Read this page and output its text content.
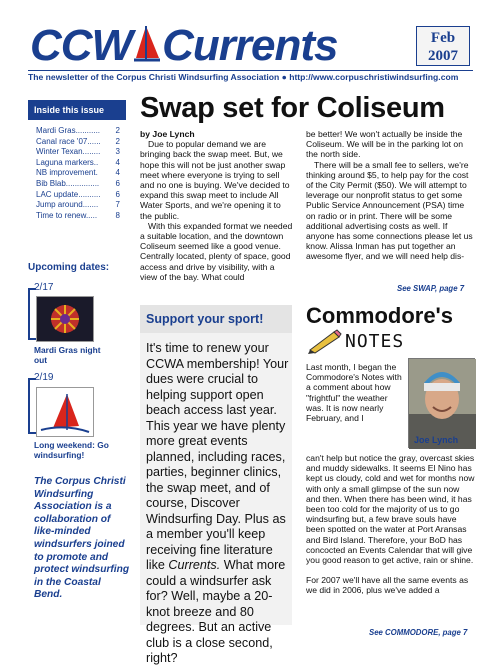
CCW Currents	Feb
2007
The newsletter of the Corpus Christi Windsurfing Association ● http://www.corpuschristiwindsurfing.com
Inside this issue
Mardi Gras........... 2
Canal race '07...... 2
Winter Texan........ 3
Laguna markers.. 4
NB improvement. 4
Bib Blab............... 6
LAC update.......... 6
Jump around....... 7
Time to renew..... 8
Upcoming dates:
2/17
Mardi Gras night out
2/19
Long weekend: Go windsurfing!
The Corpus Christi Windsurfing Association is a collaboration of like-minded windsurfers joined to promote and protect windsurfing in the Coastal Bend.
Swap set for Coliseum
by Joe Lynch
Due to popular demand we are bringing back the swap meet. But, we hope this will not be just another swap meet where everyone is trying to sell and no one is buying. We've decided to expand this swap meet to include All Water Sports, and we're opening it to the public.
With this expanded format we needed a suitable location, and the downtown Coliseum seemed like a good venue. Centrally located, plenty of space, good access and drive by visibility, with a view of the bay. What could
be better! We won't actually be inside the Coliseum. We will be in the parking lot on the north side.
There will be a small fee to sellers, we're thinking around $5, to help pay for the cost of the City Permit ($50). We will attempt to leverage our nonprofit status to get some Public Service Announcement (PSA) time on radio or in print. There will be some additional advertising costs as well. If anyone has some connections please let us know. Alissa Inman has put together an awesome flyer, and we will need help dis-
See SWAP, page 7
Support your sport!
It's time to renew your CCWA membership! Your dues were crucial to helping support open beach access last year. This year we have plenty more great events planned, including races, parties, beginner clinics, the swap meet, and of course, Discover Windsurfing Day. Plus as a member you'll keep receiving fine literature like Currents. What more could a windsurfer ask for? Well, maybe a 20-knot breeze and 80 degrees. But an active club is a close second, right?
Commodore's
NOTES
Joe Lynch
Last month, I began the Commodore's Notes with a comment about how "frightful" the weather was. It is now nearly February, and I
can't help but notice the gray, overcast skies and muddy sidewalks. It seems El Nino has kept us cloudy, cold and wet for months now with only a small glimpse of the sun now and then. When there has been wind, it has been too cold for the majority of us to go windsurfing but, a few brave souls have been spotted on the water at Port Aransas and Bird Island. Therefore, your BoD has concocted an Events Calendar that will give you good reason to get active, rain or shine.
For 2007 we'll have all the same events as we did in 2006, plus we've added a
See COMMODORE, page 7
